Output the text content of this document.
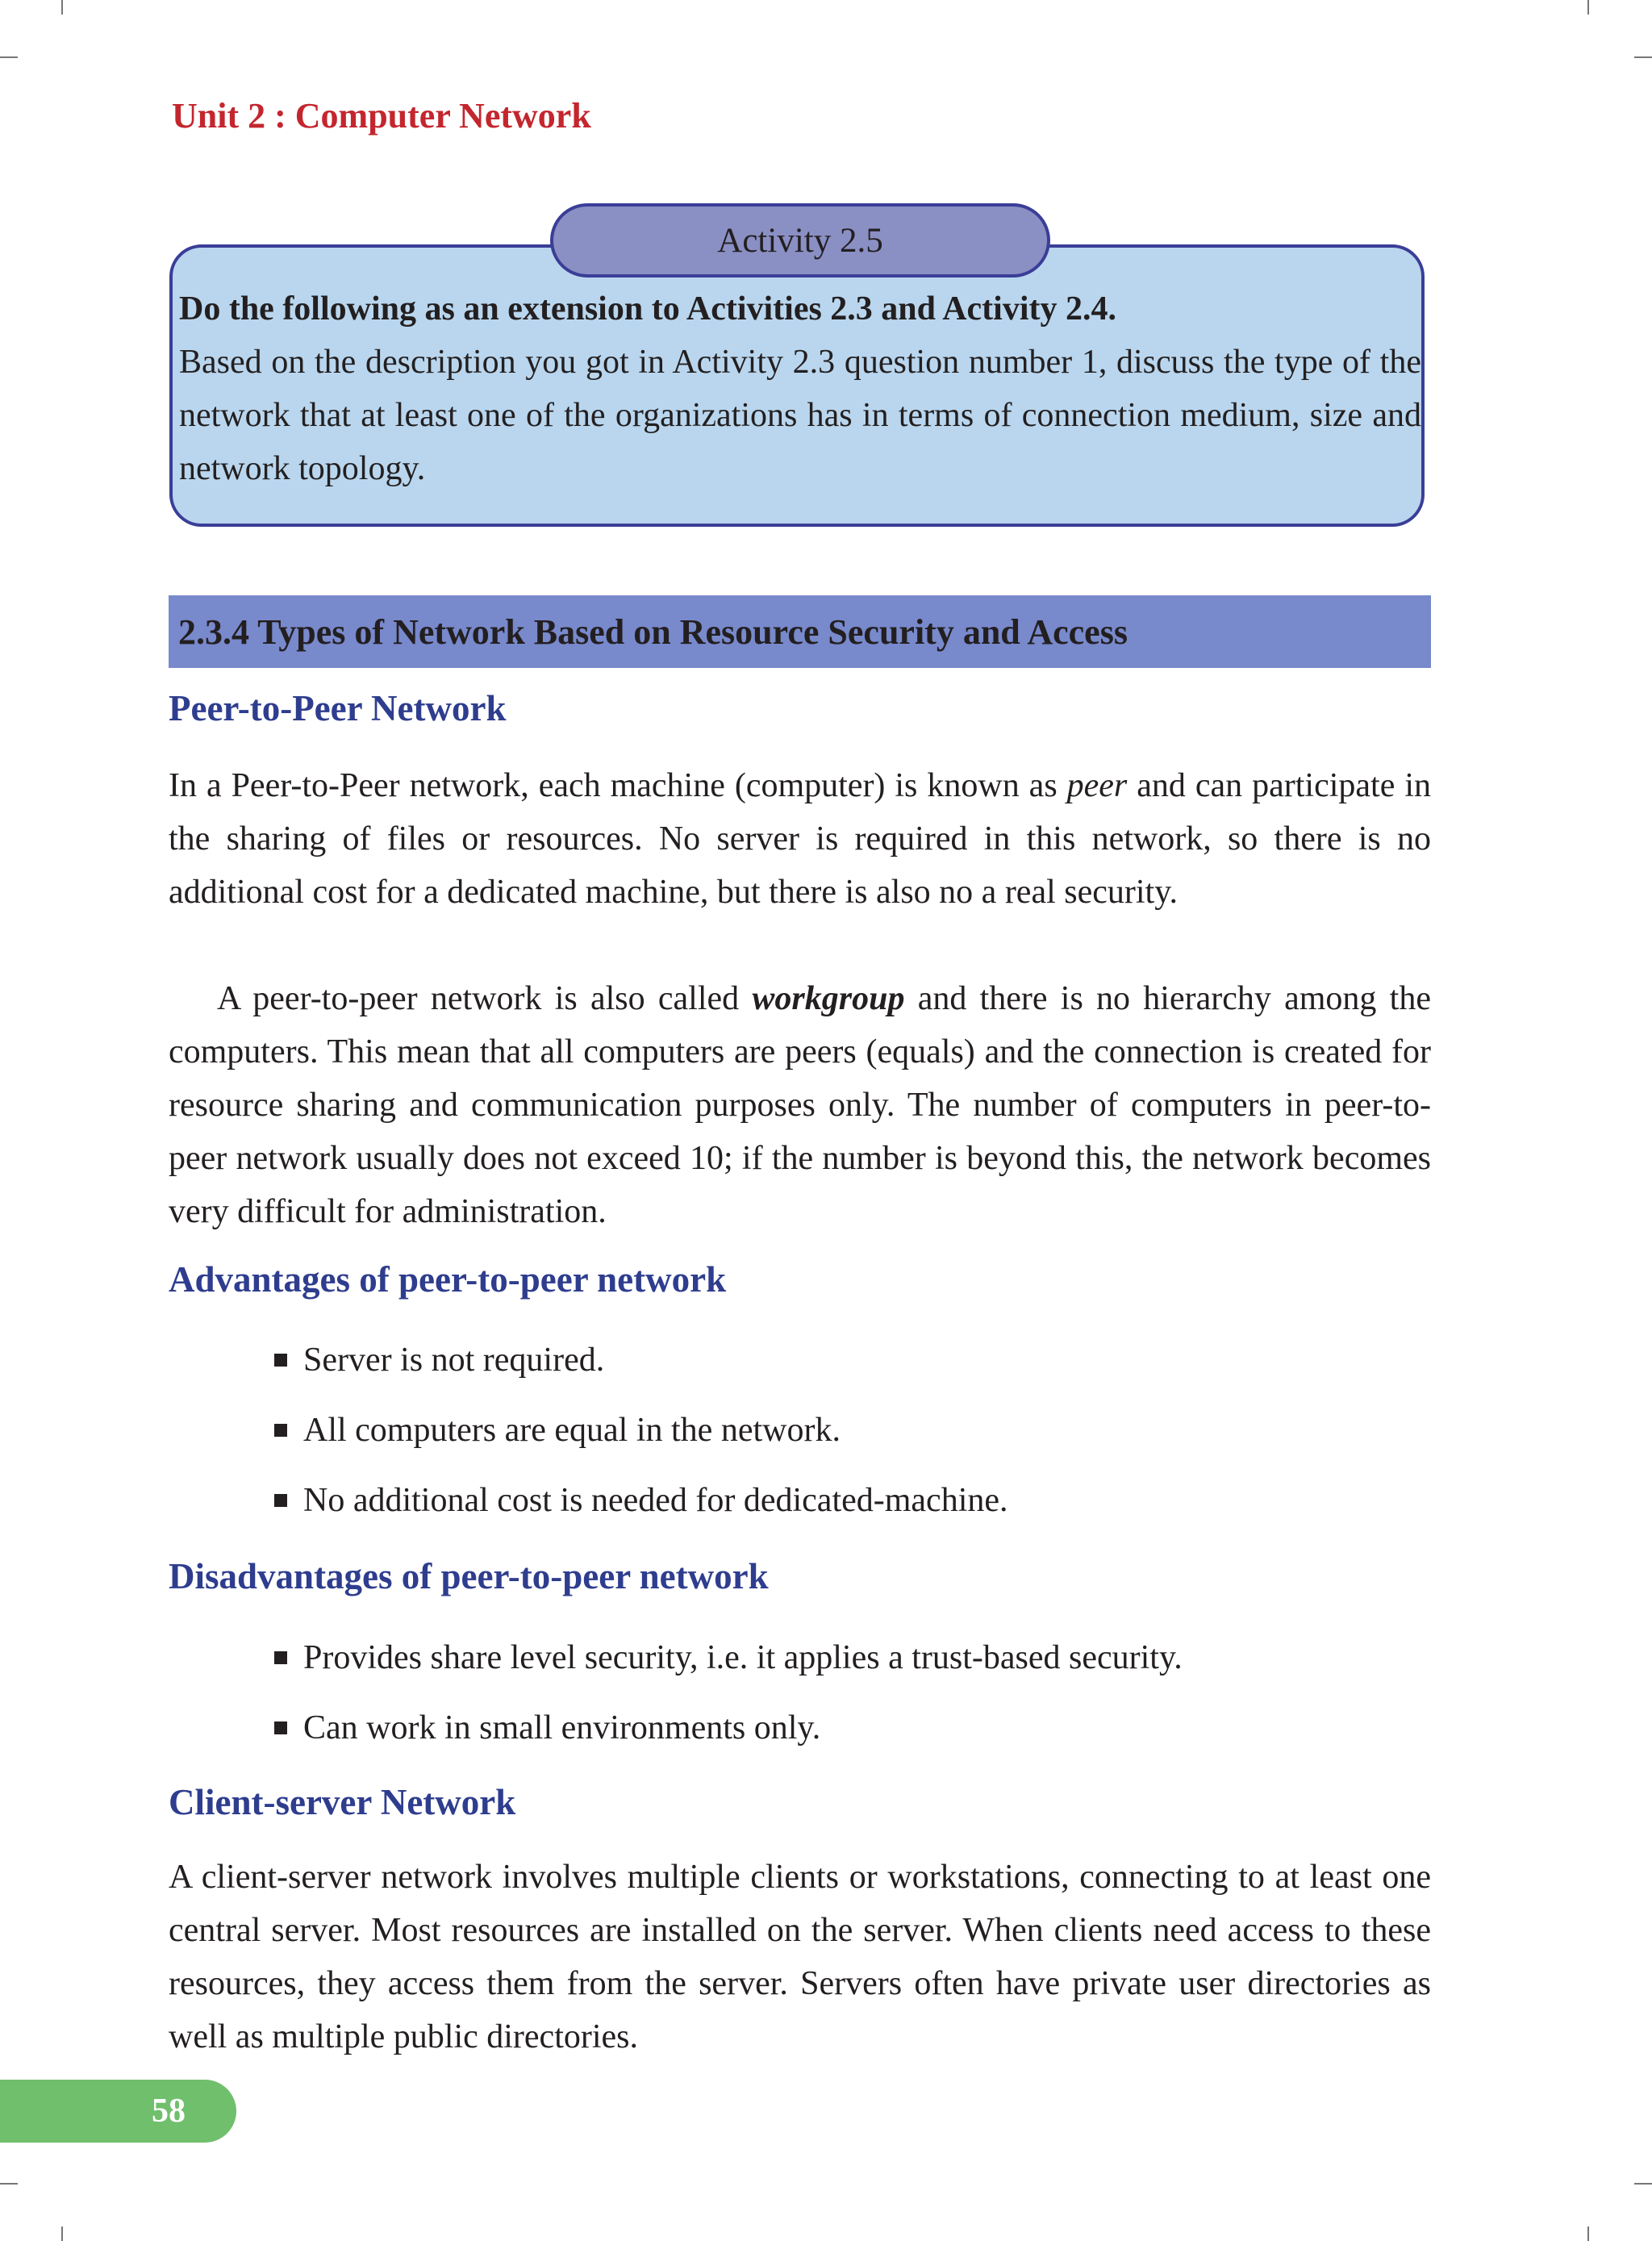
Unit 2 : Computer Network
Activity 2.5
Do the following as an extension to Activities 2.3 and Activity 2.4.
Based on the description you got in Activity 2.3 question number 1, discuss the type of the network that at least one of the organizations has in terms of connection medium, size and network topology.
2.3.4 Types of Network Based on Resource Security and Access
Peer-to-Peer Network
In a Peer-to-Peer network, each machine (computer) is known as peer and can participate in the sharing of files or resources. No server is required in this network, so there is no additional cost for a dedicated machine, but there is also no a real security.
A peer-to-peer network is also called workgroup and there is no hierarchy among the computers. This mean that all computers are peers (equals) and the connection is created for resource sharing and communication purposes only. The number of computers in peer-to-peer network usually does not exceed 10; if the number is beyond this, the network becomes very difficult for administration.
Advantages of peer-to-peer network
Server is not required.
All computers are equal in the network.
No additional cost is needed for dedicated-machine.
Disadvantages of peer-to-peer network
Provides share level security, i.e. it applies a trust-based security.
Can work in small environments only.
Client-server Network
A client-server network involves multiple clients or workstations, connecting to at least one central server. Most resources are installed on the server. When clients need access to these resources, they access them from the server. Servers often have private user directories as well as multiple public directories.
58
